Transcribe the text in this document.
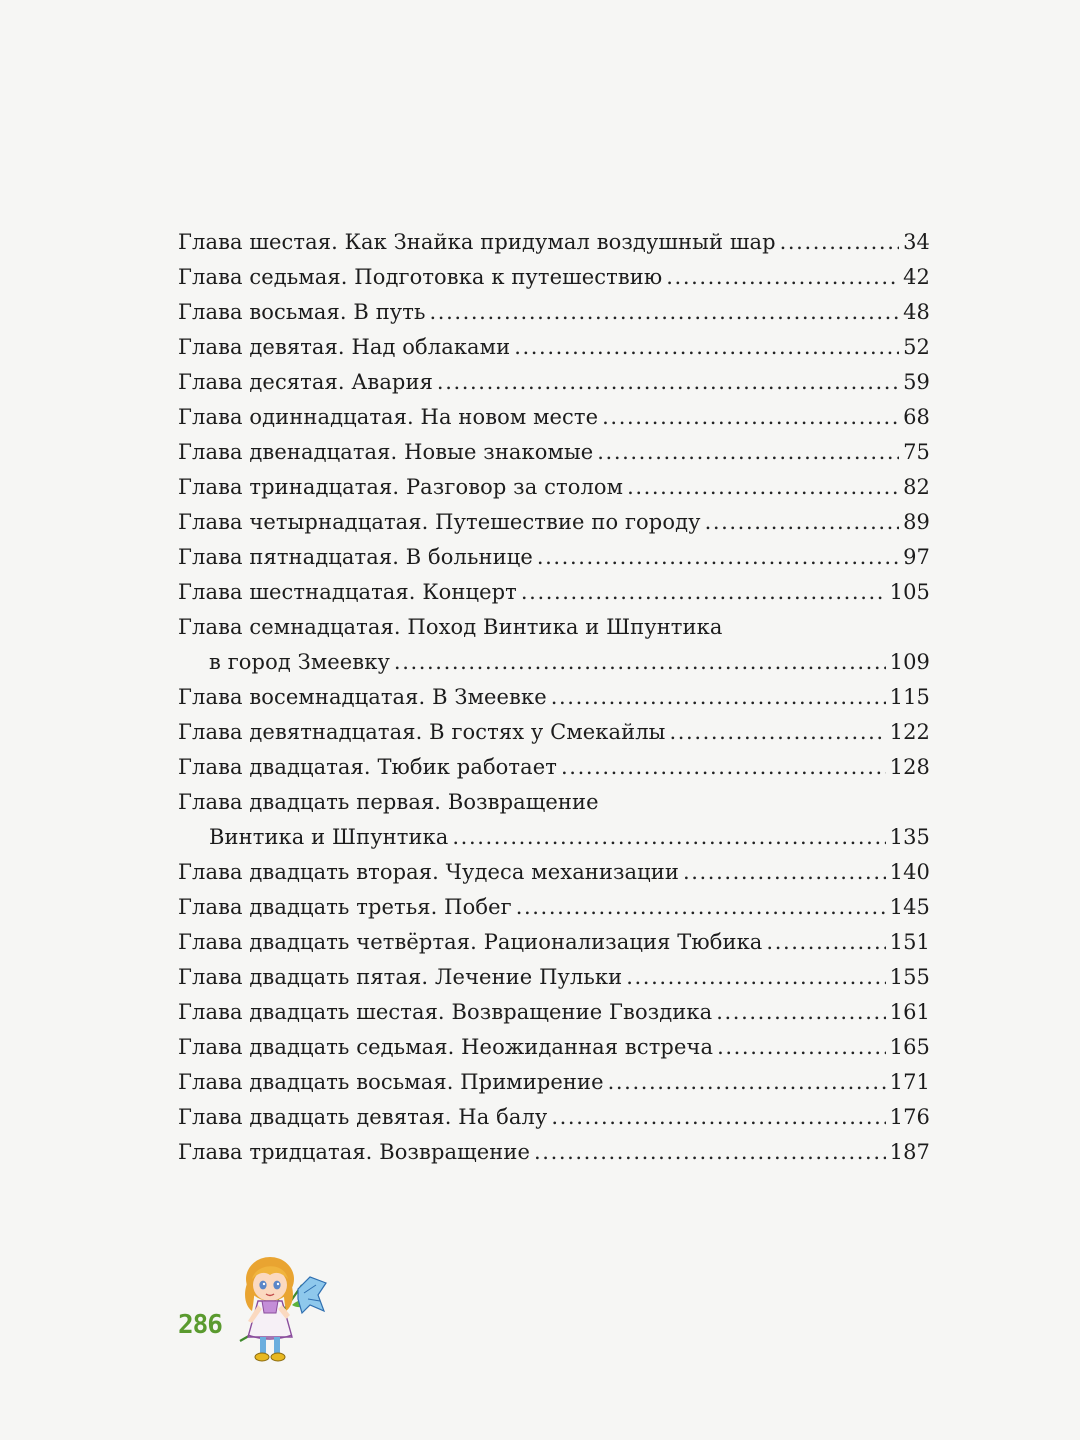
Глава шестая. Как Знайка придумал воздушный шар .....	34
Глава седьмая. Подготовка к путешествию .....	42
Глава восьмая. В путь .....	48
Глава девятая. Над облаками .....	52
Глава десятая. Авария .....	59
Глава одиннадцатая. На новом месте .....	68
Глава двенадцатая. Новые знакомые .....	75
Глава тринадцатая. Разговор за столом .....	82
Глава четырнадцатая. Путешествие по городу .....	89
Глава пятнадцатая. В больнице .....	97
Глава шестнадцатая. Концерт .....	105
Глава семнадцатая. Поход Винтика и Шпунтика
в город Змеевку .....	109
Глава восемнадцатая. В Змеевке .....	115
Глава девятнадцатая. В гостях у Смекайлы .....	122
Глава двадцатая. Тюбик работает .....	128
Глава двадцать первая. Возвращение
Винтика и Шпунтика .....	135
Глава двадцать вторая. Чудеса механизации .....	140
Глава двадцать третья. Побег .....	145
Глава двадцать четвёртая. Рационализация Тюбика .....	151
Глава двадцать пятая. Лечение Пульки .....	155
Глава двадцать шестая. Возвращение Гвоздика .....	161
Глава двадцать седьмая. Неожиданная встреча .....	165
Глава двадцать восьмая. Примирение .....	171
Глава двадцать девятая. На балу .....	176
Глава тридцатая. Возвращение .....	187
286
